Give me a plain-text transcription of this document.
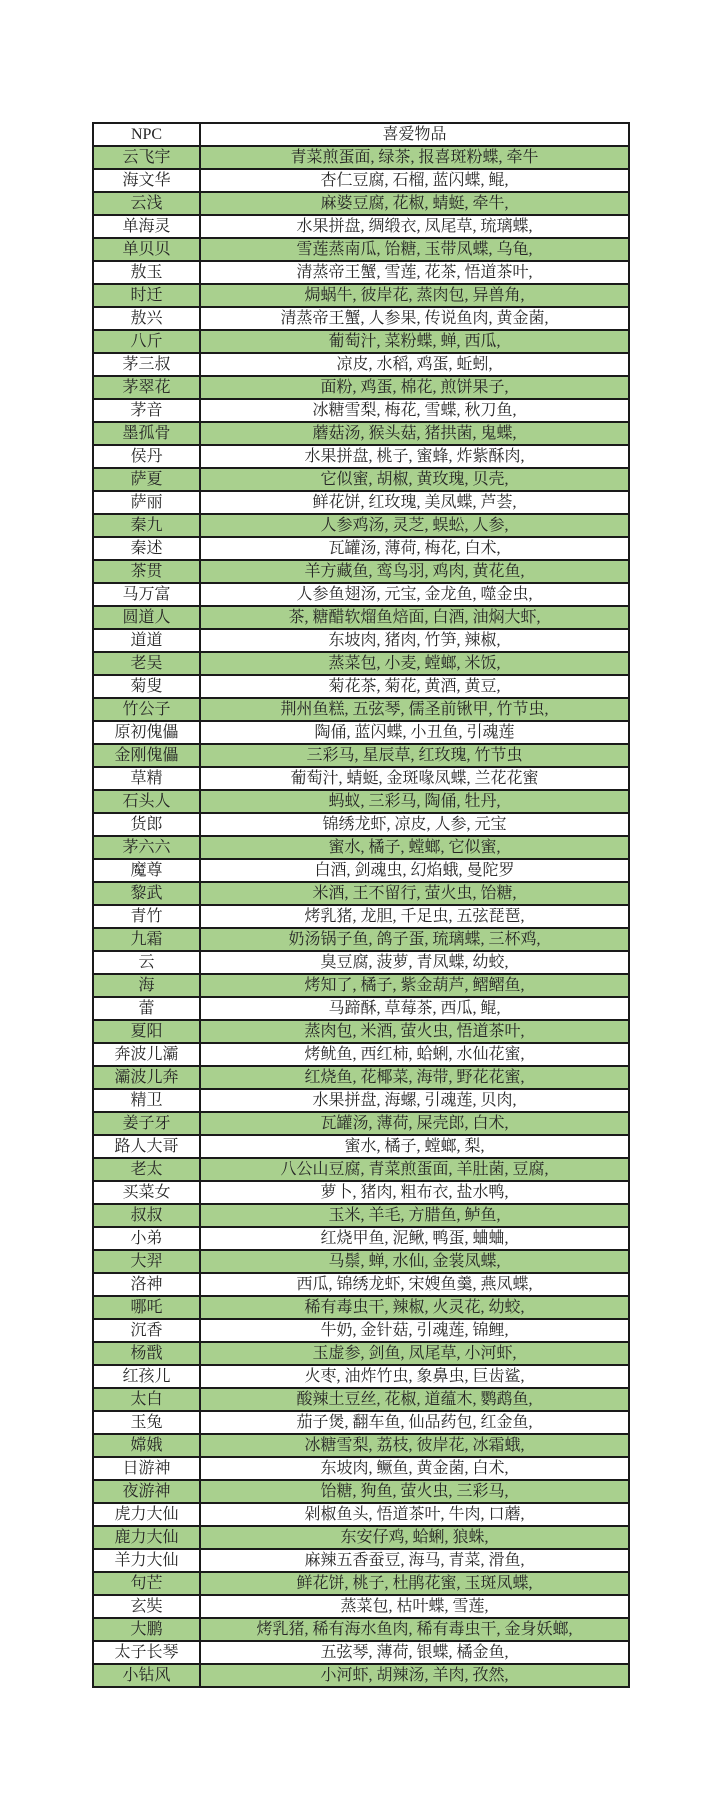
NPC	喜爱物品
云飞宇	青菜煎蛋面, 绿茶, 报喜斑粉蝶, 牵牛
海文华	杏仁豆腐, 石榴, 蓝闪蝶, 鲲,
云浅	麻婆豆腐, 花椒, 蜻蜓, 牵牛,
单海灵	水果拼盘, 绸缎衣, 凤尾草, 琉璃蝶,
单贝贝	雪莲蒸南瓜, 饴糖, 玉带凤蝶, 乌龟,
敖玉	清蒸帝王蟹, 雪莲, 花茶, 悟道茶叶,
时迁	焗蜗牛, 彼岸花, 蒸肉包, 异兽角,
敖兴	清蒸帝王蟹, 人参果, 传说鱼肉, 黄金菌,
八斤	葡萄汁, 菜粉蝶, 蝉, 西瓜,
茅三叔	凉皮, 水稻, 鸡蛋, 蚯蚓,
茅翠花	面粉, 鸡蛋, 棉花, 煎饼果子,
茅音	冰糖雪梨, 梅花, 雪蝶, 秋刀鱼,
墨孤骨	蘑菇汤, 猴头菇, 猪拱菌, 鬼蝶,
侯丹	水果拼盘, 桃子, 蜜蜂, 炸紫酥肉,
萨夏	它似蜜, 胡椒, 黄玫瑰, 贝壳,
萨丽	鲜花饼, 红玫瑰, 美凤蝶, 芦荟,
秦九	人参鸡汤, 灵芝, 蜈蚣, 人参,
秦述	瓦罐汤, 薄荷, 梅花, 白术,
茶贯	羊方藏鱼, 鸾鸟羽, 鸡肉, 黄花鱼,
马万富	人参鱼翅汤, 元宝, 金龙鱼, 噬金虫,
圆道人	茶, 糖醋软熘鱼焙面, 白酒, 油焖大虾,
道道	东坡肉, 猪肉, 竹笋, 辣椒,
老吴	蒸菜包, 小麦, 螳螂, 米饭,
菊叟	菊花茶, 菊花, 黄酒, 黄豆,
竹公子	荆州鱼糕, 五弦琴, 儒圣前锹甲, 竹节虫,
原初傀儡	陶俑, 蓝闪蝶, 小丑鱼, 引魂莲
金刚傀儡	三彩马, 星辰草, 红玫瑰, 竹节虫
草精	葡萄汁, 蜻蜓, 金斑喙凤蝶, 兰花花蜜
石头人	蚂蚁, 三彩马, 陶俑, 牡丹,
货郎	锦绣龙虾, 凉皮, 人参, 元宝
茅六六	蜜水, 橘子, 螳螂, 它似蜜,
魔尊	白酒, 剑魂虫, 幻焰蛾, 曼陀罗
黎武	米酒, 王不留行, 萤火虫, 饴糖,
青竹	烤乳猪, 龙胆, 千足虫, 五弦琵琶,
九霜	奶汤锅子鱼, 鸽子蛋, 琉璃蝶, 三杯鸡,
云	臭豆腐, 菠萝, 青凤蝶, 幼蛟,
海	烤知了, 橘子, 紫金葫芦, 鳛鳛鱼,
蕾	马蹄酥, 草莓茶, 西瓜, 鲲,
夏阳	蒸肉包, 米酒, 萤火虫, 悟道茶叶,
奔波儿灞	烤鱿鱼, 西红柿, 蛤蜊, 水仙花蜜,
灞波儿奔	红烧鱼, 花椰菜, 海带, 野花花蜜,
精卫	水果拼盘, 海螺, 引魂莲, 贝肉,
姜子牙	瓦罐汤, 薄荷, 屎壳郎, 白术,
路人大哥	蜜水, 橘子, 螳螂, 梨,
老太	八公山豆腐, 青菜煎蛋面, 羊肚菌, 豆腐,
买菜女	萝卜, 猪肉, 粗布衣, 盐水鸭,
叔叔	玉米, 羊毛, 方腊鱼, 鲈鱼,
小弟	红烧甲鱼, 泥鳅, 鸭蛋, 蛐蛐,
大羿	马鬃, 蝉, 水仙, 金裳凤蝶,
洛神	西瓜, 锦绣龙虾, 宋嫂鱼羹, 燕凤蝶,
哪吒	稀有毒虫干, 辣椒, 火灵花, 幼蛟,
沉香	牛奶, 金针菇, 引魂莲, 锦鲤,
杨戬	玉虚参, 剑鱼, 凤尾草, 小河虾,
红孩儿	火枣, 油炸竹虫, 象鼻虫, 巨齿鲨,
太白	酸辣土豆丝, 花椒, 道蕴木, 鹦鹉鱼,
玉兔	茄子煲, 翻车鱼, 仙品药包, 红金鱼,
嫦娥	冰糖雪梨, 荔枝, 彼岸花, 冰霜蛾,
日游神	东坡肉, 鳜鱼, 黄金菌, 白术,
夜游神	饴糖, 狗鱼, 萤火虫, 三彩马,
虎力大仙	剁椒鱼头, 悟道茶叶, 牛肉, 口蘑,
鹿力大仙	东安仔鸡, 蛤蜊, 狼蛛,
羊力大仙	麻辣五香蚕豆, 海马, 青菜, 滑鱼,
句芒	鲜花饼, 桃子, 杜鹃花蜜, 玉斑凤蝶,
玄奘	蒸菜包, 枯叶蝶, 雪莲,
大鹏	烤乳猪, 稀有海水鱼肉, 稀有毒虫干, 金身妖螂,
太子长琴	五弦琴, 薄荷, 银蝶, 橘金鱼,
小钻风	小河虾, 胡辣汤, 羊肉, 孜然,
